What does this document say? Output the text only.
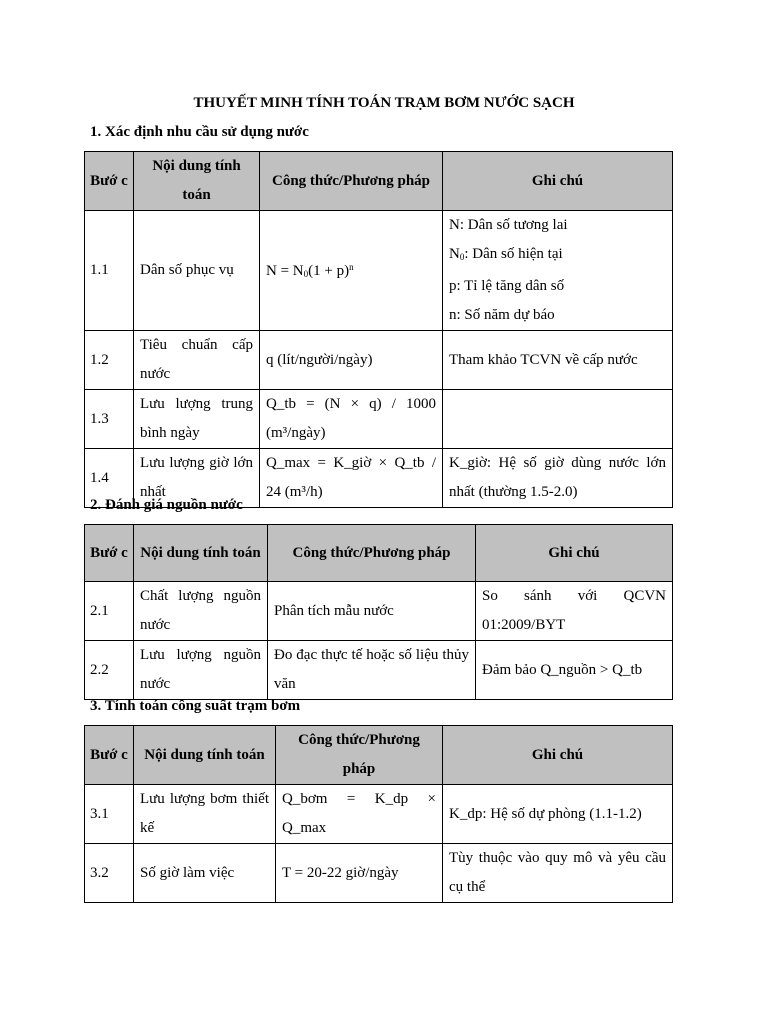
THUYẾT MINH TÍNH TOÁN TRẠM BƠM NƯỚC SẠCH
1. Xác định nhu cầu sử dụng nước
Bướ c	Nội dung tính toán	Công thức/Phương pháp	Ghi chú
1.1	Dân số phục vụ	$N = N_0(1 + p)^n$	N: Dân số tương lai
$N_0$: Dân số hiện tại
p: Tỉ lệ tăng dân số
n: Số năm dự báo

1.2	Tiêu chuẩn cấp nước	q (lít/người/ngày)	Tham khảo TCVN về cấp nước
1.3	Lưu lượng trung bình ngày	Q_tb = (N × q) / 1000 (m³/ngày)	
1.4	Lưu lượng giờ lớn nhất	Q_max = K_giờ × Q_tb / 24 (m³/h)	K_giờ: Hệ số giờ dùng nước lớn nhất (thường 1.5-2.0)
2. Đánh giá nguồn nước
Bướ c	Nội dung tính toán	Công thức/Phương pháp	Ghi chú
2.1	Chất lượng nguồn nước	Phân tích mẫu nước	So sánh với QCVN 01:2009/BYT
2.2	Lưu lượng nguồn nước	Đo đạc thực tế hoặc số liệu thủy văn	Đảm bảo Q_nguồn > Q_tb
3. Tính toán công suất trạm bơm
Bướ c	Nội dung tính toán	Công thức/Phương pháp	Ghi chú
3.1	Lưu lượng bơm thiết kế	Q_bơm = K_dp × Q_max	K_dp: Hệ số dự phòng (1.1-1.2)
3.2	Số giờ làm việc	T = 20-22 giờ/ngày	Tùy thuộc vào quy mô và yêu cầu cụ thể
